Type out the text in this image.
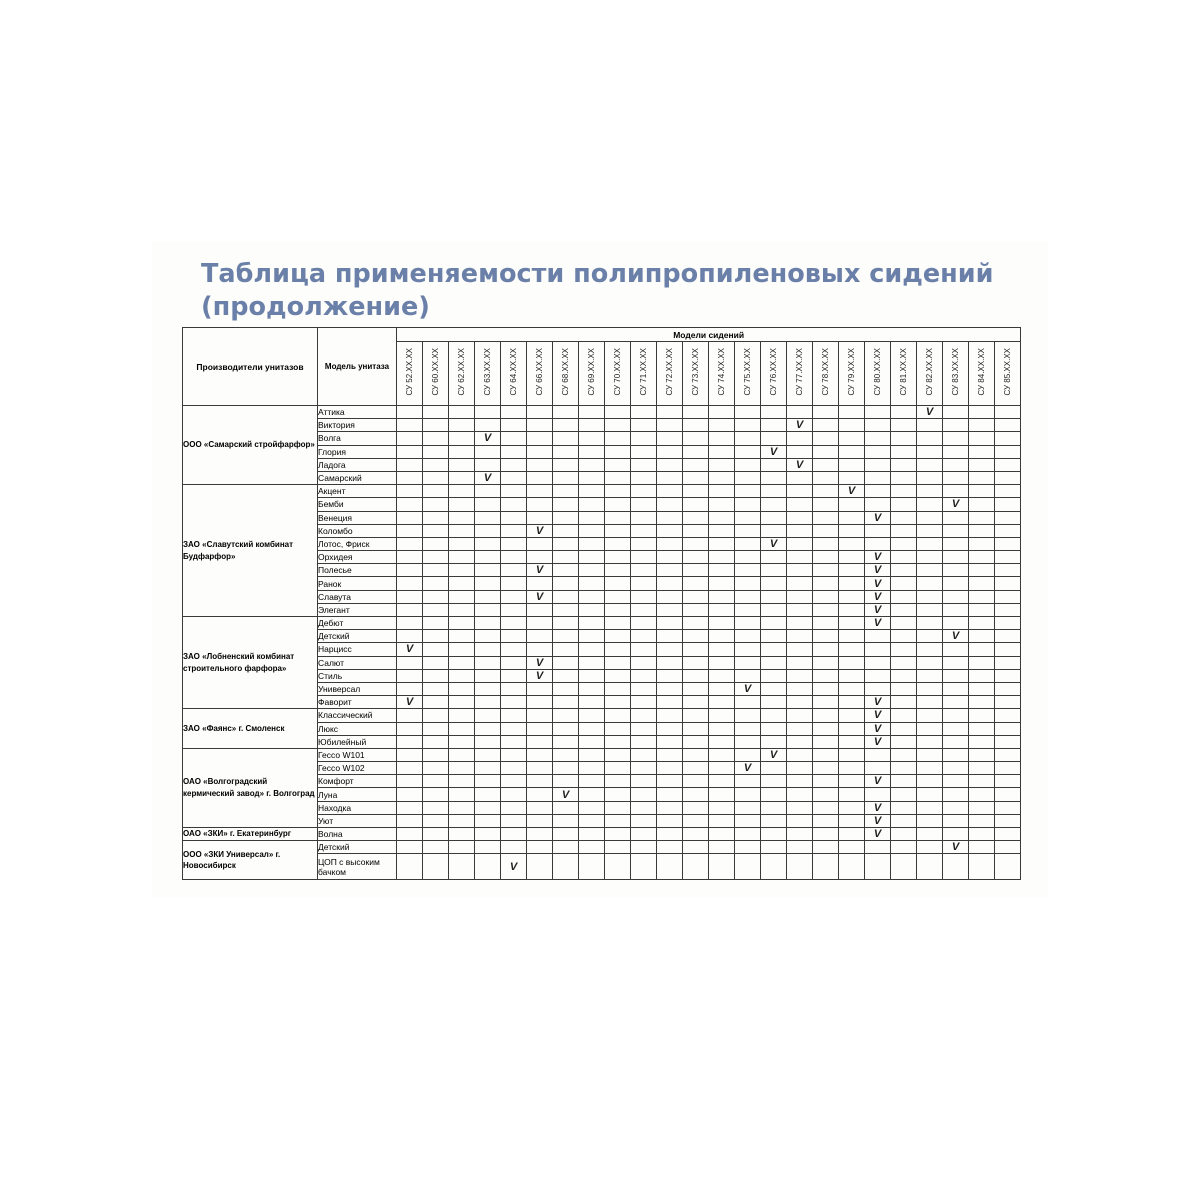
Таблица применяемости полипропиленовых сидений (продолжение)
Производители унитазов	Модель унитаза	Модели сидений																							
		СУ 52.XX.XX	СУ 60.XX.XX	СУ 62.XX.XX	СУ 63.XX.XX	СУ 64.XX.XX	СУ 66.XX.XX	СУ 68.XX.XX	СУ 69.XX.XX	СУ 70.XX.XX	СУ 71.XX.XX	СУ 72.XX.XX	СУ 73.XX.XX	СУ 74.XX.XX	СУ 75.XX.XX	СУ 76.XX.XX	СУ 77.XX.XX	СУ 78.XX.XX	СУ 79.XX.XX	СУ 80.XX.XX	СУ 81.XX.XX	СУ 82.XX.XX	СУ 83.XX.XX	СУ 84.XX.XX	СУ 85.XX.XX
ООО «Самарский стройфарфор»	Аттика																					V			
	Виктория																V								
	Волга				V																				
	Глория															V									
	Ладога																V								
	Самарский				V																				
ЗАО «Славутский комбинат Будфарфор»	Акцент																		V						
	Бемби																						V		
	Венеция																			V					
	Коломбо						V																		
	Лотос, Фриск															V									
	Орхидея																			V					
	Полесье						V													V					
	Ранок																			V					
	Славута						V													V					
	Элегант																			V					
ЗАО «Лобненский комбинат строительного фарфора»	Дебют																			V					
	Детский																						V		
	Нарцисс	V																							
	Салют						V																		
	Стиль						V																		
	Универсал														V										
	Фаворит	V																		V					
ЗАО «Фаянс» г. Смоленск	Классический																			V					
	Люкс																			V					
	Юбилейный																			V					
ОАО «Волгоградский кермический завод» г. Волгоград	Гессо W101															V									
	Гессо W102														V										
	Комфорт																			V					
	Луна							V																	
	Находка																			V					
	Уют																			V					
ОАО «ЗКИ» г. Екатеринбург	Волна																			V					
ООО «ЗКИ Универсал» г. Новосибирск	Детский																						V		
	ЦОП с высоким бачком					V																			
